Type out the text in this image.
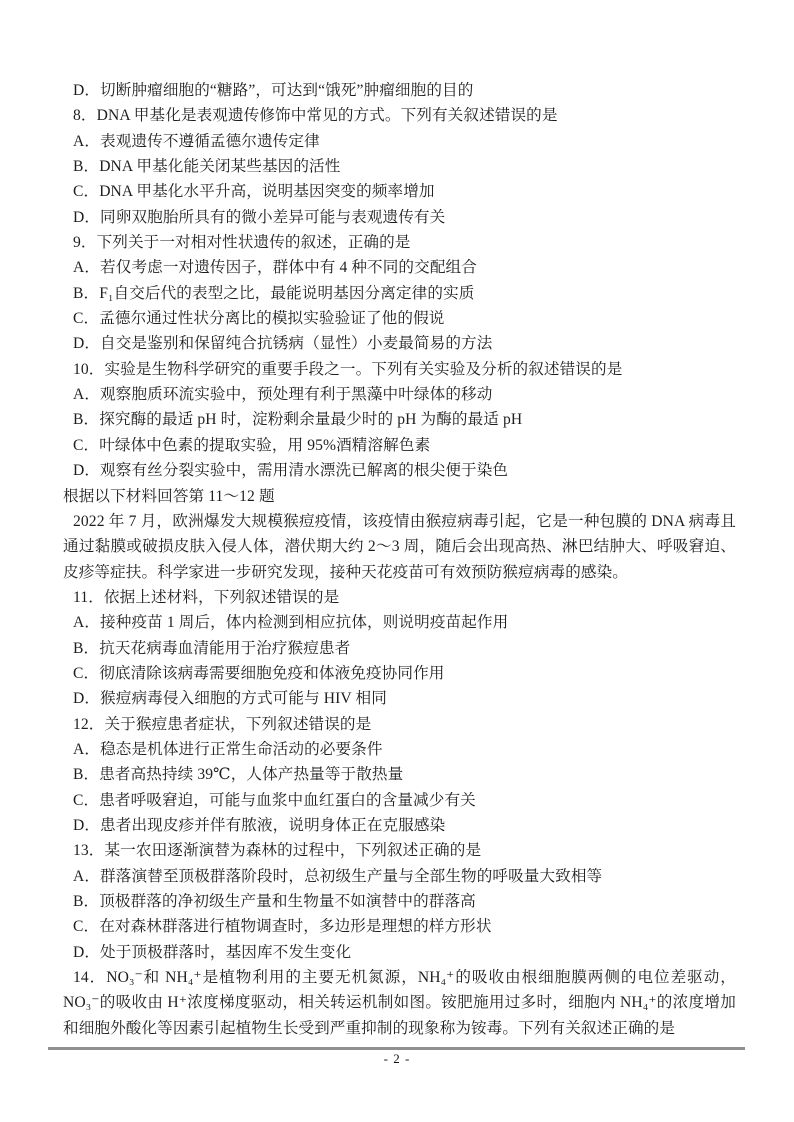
D．切断肿瘤细胞的“糖路”，可达到“饿死”肿瘤细胞的目的
8．DNA 甲基化是表观遗传修饰中常见的方式。下列有关叙述错误的是
A．表观遗传不遵循孟德尔遗传定律
B．DNA 甲基化能关闭某些基因的活性
C．DNA 甲基化水平升高，说明基因突变的频率增加
D．同卵双胞胎所具有的微小差异可能与表观遗传有关
9．下列关于一对相对性状遗传的叙述，正确的是
A．若仅考虑一对遗传因子，群体中有 4 种不同的交配组合
B．F₁自交后代的表型之比，最能说明基因分离定律的实质
C．孟德尔通过性状分离比的模拟实验验证了他的假说
D．自交是鉴别和保留纯合抗锈病（显性）小麦最简易的方法
10．实验是生物科学研究的重要手段之一。下列有关实验及分析的叙述错误的是
A．观察胞质环流实验中，预处理有利于黑藻中叶绿体的移动
B．探究酶的最适 pH 时，淀粉剩余量最少时的 pH 为酶的最适 pH
C．叶绿体中色素的提取实验，用 95%酒精溶解色素
D．观察有丝分裂实验中，需用清水漂洗已解离的根尖便于染色
根据以下材料回答第 11～12 题
2022 年 7 月，欧洲爆发大规模猴痘疫情，该疫情由猴痘病毒引起，它是一种包膜的 DNA 病毒且通过黏膜或破损皮肤入侵人体，潜伏期大约 2～3 周，随后会出现高热、淋巴结肿大、呼吸窘迫、皮疹等症扶。科学家进一步研究发现，接种天花疫苗可有效预防猴痘病毒的感染。
11．依据上述材料，下列叙述错误的是
A．接种疫苗 1 周后，体内检测到相应抗体，则说明疫苗起作用
B．抗天花病毒血清能用于治疗猴痘患者
C．彻底清除该病毒需要细胞免疫和体液免疫协同作用
D．猴痘病毒侵入细胞的方式可能与 HIV 相同
12．关于猴痘患者症状，下列叙述错误的是
A．稳态是机体进行正常生命活动的必要条件
B．患者高热持续 39℃，人体产热量等于散热量
C．患者呼吸窘迫，可能与血浆中血红蛋白的含量减少有关
D．患者出现皮疹并伴有脓液，说明身体正在克服感染
13．某一农田逐渐演替为森林的过程中，下列叙述正确的是
A．群落演替至顶极群落阶段时，总初级生产量与全部生物的呼吸量大致相等
B．顶极群落的净初级生产量和生物量不如演替中的群落高
C．在对森林群落进行植物调查时，多边形是理想的样方形状
D．处于顶极群落时，基因库不发生变化
14．NO₃⁻和 NH₄⁺是植物利用的主要无机氮源，NH₄⁺的吸收由根细胞膜两侧的电位差驱动，NO₃⁻的吸收由 H⁺浓度梯度驱动，相关转运机制如图。铵肥施用过多时，细胞内 NH₄⁺的浓度增加和细胞外酸化等因素引起植物生长受到严重抑制的现象称为铵毒。下列有关叙述正确的是
- 2 -
